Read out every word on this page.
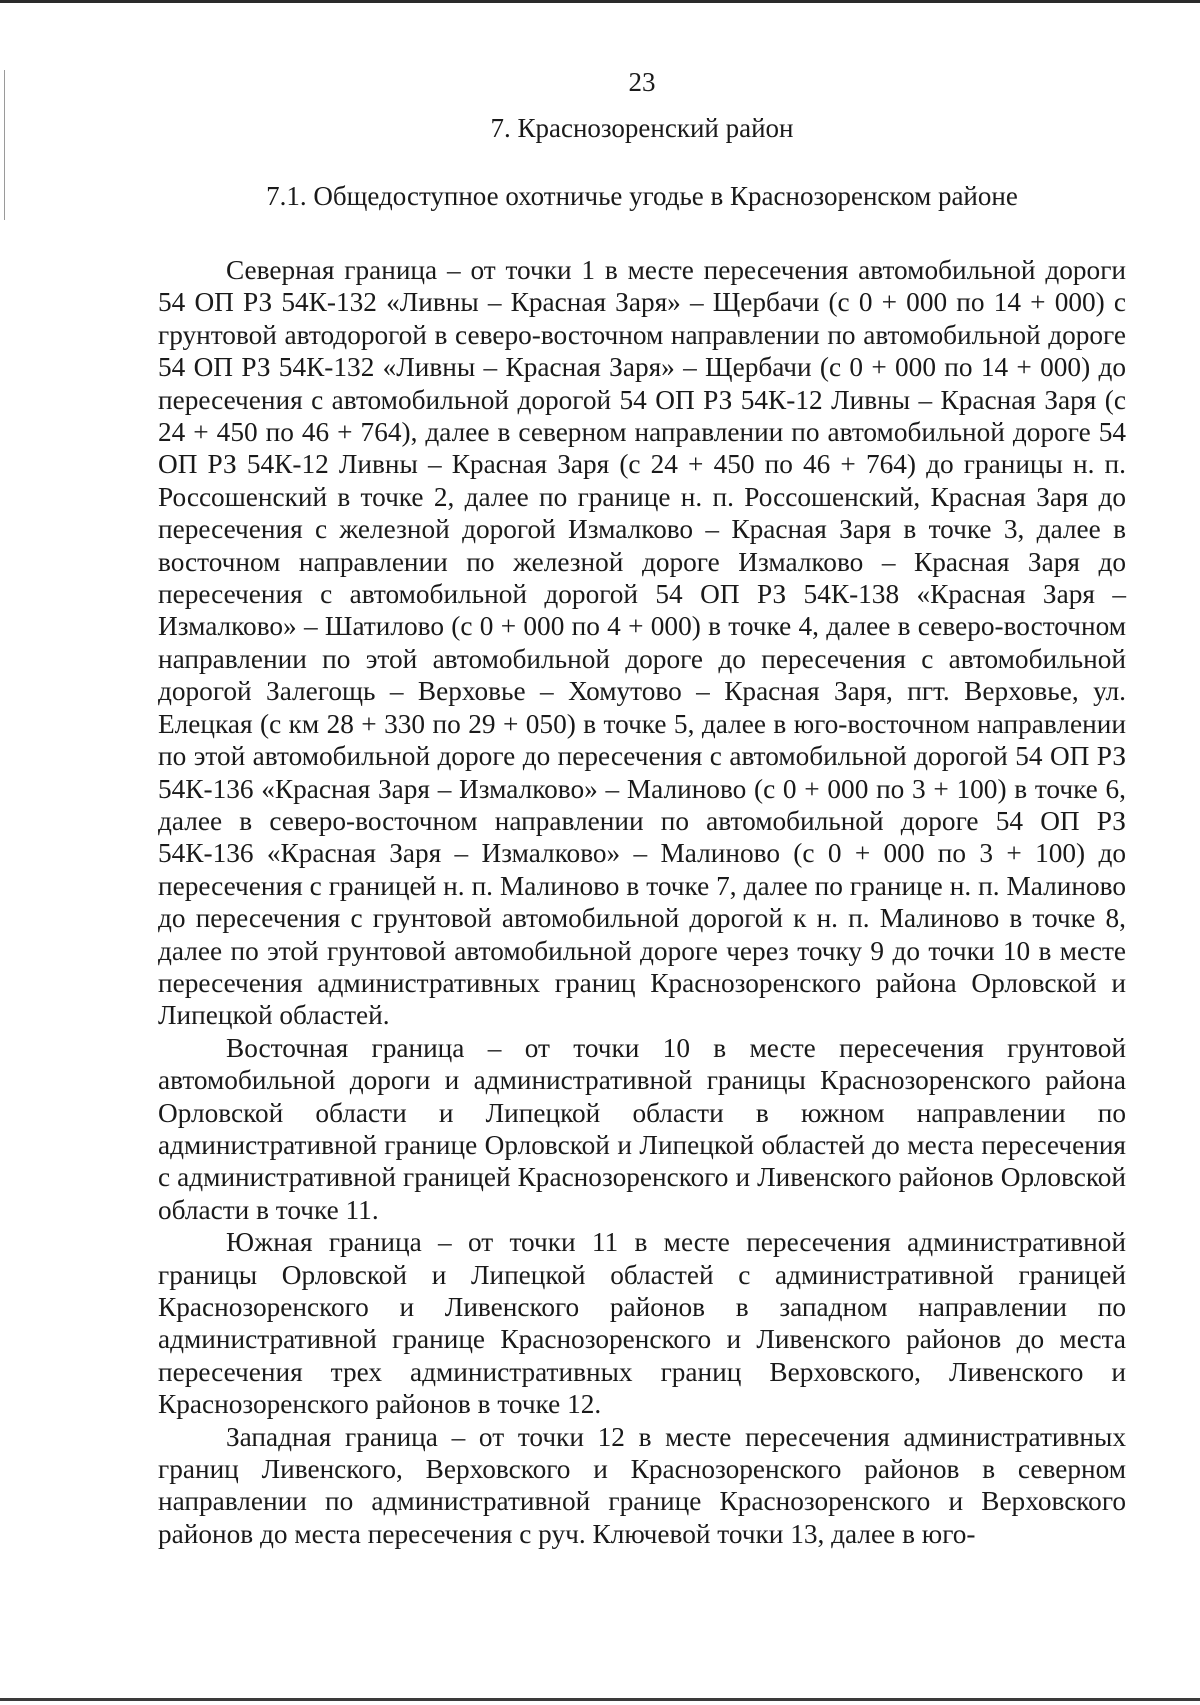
23
7. Краснозоренский район
7.1. Общедоступное охотничье угодье в Краснозоренском районе

Северная граница – от точки 1 в месте пересечения автомобильной дороги 54 ОП РЗ 54К-132 «Ливны – Красная Заря» – Щербачи (с 0 + 000 по 14 + 000) с грунтовой автодорогой в северо-восточном направлении по автомобильной дороге 54 ОП РЗ 54К-132 «Ливны – Красная Заря» – Щербачи (с 0 + 000 по 14 + 000) до пересечения с автомобильной дорогой 54 ОП РЗ 54К-12 Ливны – Красная Заря (с 24 + 450 по 46 + 764), далее в северном направлении по автомобильной дороге 54 ОП РЗ 54К-12 Ливны – Красная Заря (с 24 + 450 по 46 + 764) до границы н. п. Россошенский в точке 2, далее по границе н. п. Россошенский, Красная Заря до пересечения с железной дорогой Измалково – Красная Заря в точке 3, далее в восточном направлении по железной дороге Измалково – Красная Заря до пересечения с автомобильной дорогой 54 ОП РЗ 54К-138 «Красная Заря – Измалково» – Шатилово (с 0 + 000 по 4 + 000) в точке 4, далее в северо-восточном направлении по этой автомобильной дороге до пересечения с автомобильной дорогой Залегощь – Верховье – Хомутово – Красная Заря, пгт. Верховье, ул. Елецкая (с км 28 + 330 по 29 + 050) в точке 5, далее в юго-восточном направлении по этой автомобильной дороге до пересечения с автомобильной дорогой 54 ОП РЗ 54К-136 «Красная Заря – Измалково» – Малиново (с 0 + 000 по 3 + 100) в точке 6, далее в северо-восточном направлении по автомобильной дороге 54 ОП РЗ 54К-136 «Красная Заря – Измалково» – Малиново (с 0 + 000 по 3 + 100) до пересечения с границей н. п. Малиново в точке 7, далее по границе н. п. Малиново до пересечения с грунтовой автомобильной дорогой к н. п. Малиново в точке 8, далее по этой грунтовой автомобильной дороге через точку 9 до точки 10 в месте пересечения административных границ Краснозоренского района Орловской и Липецкой областей.

Восточная граница – от точки 10 в месте пересечения грунтовой автомобильной дороги и административной границы Краснозоренского района Орловской области и Липецкой области в южном направлении по административной границе Орловской и Липецкой областей до места пересечения с административной границей Краснозоренского и Ливенского районов Орловской области в точке 11.

Южная граница – от точки 11 в месте пересечения административной границы Орловской и Липецкой областей с административной границей Краснозоренского и Ливенского районов в западном направлении по административной границе Краснозоренского и Ливенского районов до места пересечения трех административных границ Верховского, Ливенского и Краснозоренского районов в точке 12.

Западная граница – от точки 12 в месте пересечения административных границ Ливенского, Верховского и Краснозоренского районов в северном направлении по административной границе Краснозоренского и Верховского районов до места пересечения с руч. Ключевой точки 13, далее в юго-
